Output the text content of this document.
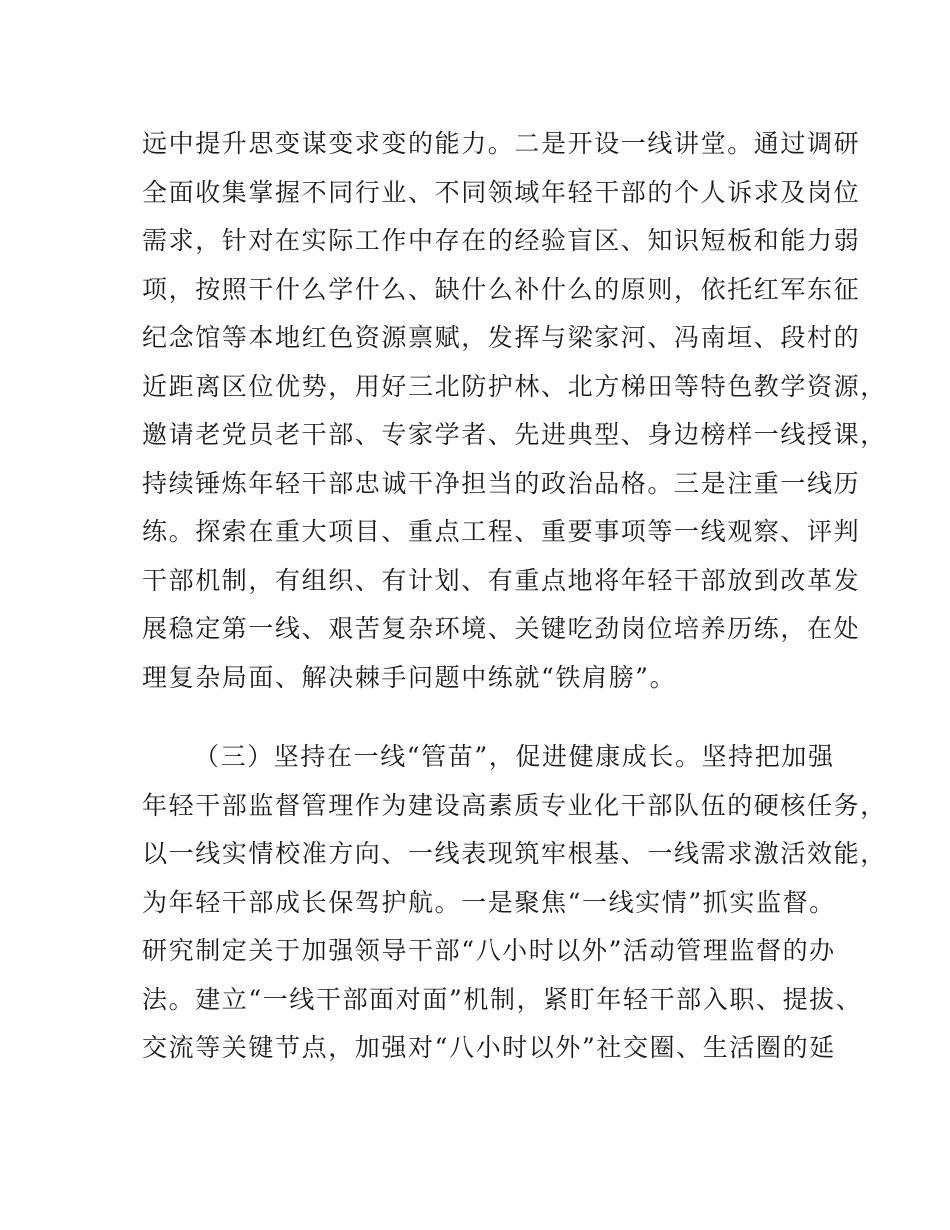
远中提升思变谋变求变的能力。二是开设一线讲堂。通过调研
全面收集掌握不同行业、不同领域年轻干部的个人诉求及岗位
需求，针对在实际工作中存在的经验盲区、知识短板和能力弱
项，按照干什么学什么、缺什么补什么的原则，依托红军东征
纪念馆等本地红色资源禀赋，发挥与梁家河、冯南垣、段村的
近距离区位优势，用好三北防护林、北方梯田等特色教学资源，
邀请老党员老干部、专家学者、先进典型、身边榜样一线授课，
持续锤炼年轻干部忠诚干净担当的政治品格。三是注重一线历
练。探索在重大项目、重点工程、重要事项等一线观察、评判
干部机制，有组织、有计划、有重点地将年轻干部放到改革发
展稳定第一线、艰苦复杂环境、关键吃劲岗位培养历练，在处
理复杂局面、解决棘手问题中练就“铁肩膀”。
（三）坚持在一线“管苗”，促进健康成长。坚持把加强
年轻干部监督管理作为建设高素质专业化干部队伍的硬核任务，
以一线实情校准方向、一线表现筑牢根基、一线需求激活效能，
为年轻干部成长保驾护航。一是聚焦“一线实情”抓实监督。
研究制定关于加强领导干部“八小时以外”活动管理监督的办
法。建立“一线干部面对面”机制，紧盯年轻干部入职、提拔、
交流等关键节点，加强对“八小时以外”社交圈、生活圈的延
